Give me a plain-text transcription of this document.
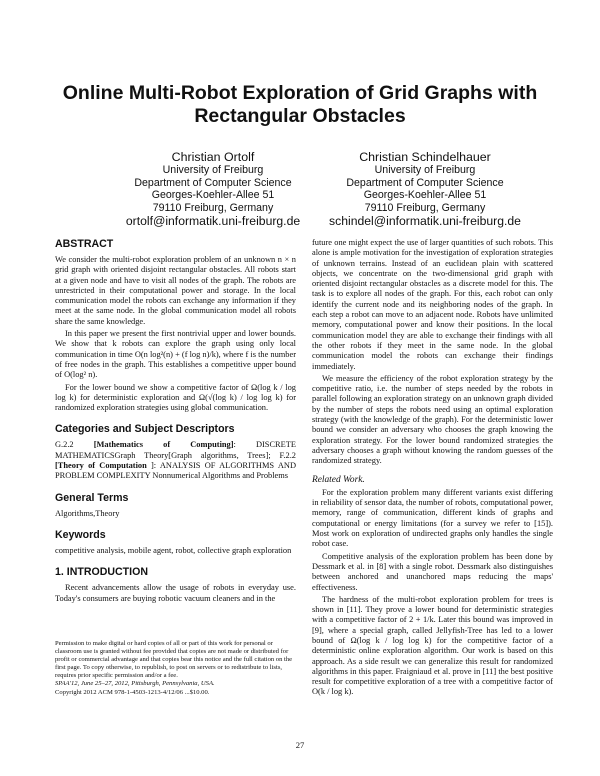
Online Multi-Robot Exploration of Grid Graphs with
Rectangular Obstacles
Christian Ortolf
University of Freiburg
Department of Computer Science
Georges-Koehler-Allee 51
79110 Freiburg, Germany
ortolf@informatik.uni-freiburg.de
Christian Schindelhauer
University of Freiburg
Department of Computer Science
Georges-Koehler-Allee 51
79110 Freiburg, Germany
schindel@informatik.uni-freiburg.de
ABSTRACT

We consider the multi-robot exploration problem of an unknown n × n grid graph with oriented disjoint rectangular obstacles. All robots start at a given node and have to visit all nodes of the graph. The robots are unrestricted in their computational power and storage. In the local communication model the robots can exchange any information if they meet at the same node. In the global communication model all robots share the same knowledge.

In this paper we present the first nontrivial upper and lower bounds. We show that k robots can explore the graph using only local communication in time O(n log²(n) + (f log n)/k), where f is the number of free nodes in the graph. This establishes a competitive upper bound of O(log² n).

For the lower bound we show a competitive factor of Ω(log k / log log k) for deterministic exploration and Ω(√(log k) / log log k) for randomized exploration strategies using global communication.

Categories and Subject Descriptors

G.2.2 [Mathematics of Computing]: DISCRETE MATHEMATICSGraph Theory[Graph algorithms, Trees]; F.2.2 [Theory of Computation ]: ANALYSIS OF ALGORITHMS AND PROBLEM COMPLEXITY Nonnumerical Algorithms and Problems

General Terms

Algorithms,Theory

Keywords

competitive analysis, mobile agent, robot, collective graph exploration

1. INTRODUCTION

Recent advancements allow the usage of robots in everyday use. Today's consumers are buying robotic vacuum cleaners and in the

Permission to make digital or hard copies of all or part of this work for personal or classroom use is granted without fee provided that copies are not made or distributed for profit or commercial advantage and that copies bear this notice and the full citation on the first page. To copy otherwise, to republish, to post on servers or to redistribute to lists, requires prior specific permission and/or a fee.
SPAA'12, June 25–27, 2012, Pittsburgh, Pennsylvania, USA.
Copyright 2012 ACM 978-1-4503-1213-4/12/06 ...$10.00.

future one might expect the use of larger quantities of such robots. This alone is ample motivation for the investigation of exploration strategies of unknown terrains. Instead of an euclidean plain with scattered objects, we concentrate on the two-dimensional grid graph with oriented disjoint rectangular obstacles as a discrete model for this. The task is to explore all nodes of the graph. For this, each robot can only identify the current node and its neighboring nodes of the graph. In each step a robot can move to an adjacent node. Robots have unlimited memory, computational power and know their positions. In the local communication model they are able to exchange their findings with all the other robots if they meet in the same node. In the global communication model the robots can exchange their findings immediately.

We measure the efficiency of the robot exploration strategy by the competitive ratio, i.e. the number of steps needed by the robots in parallel following an exploration strategy on an unknown graph divided by the number of steps the robots need using an optimal exploration strategy (with the knowledge of the graph). For the deterministic lower bound we consider an adversary who chooses the graph knowing the exploration strategy. For the lower bound randomized strategies the adversary chooses a graph without knowing the random guesses of the randomized strategy.

Related Work.

For the exploration problem many different variants exist differing in reliability of sensor data, the number of robots, computational power, memory, range of communication, different kinds of graphs and computational or energy limitations (for a survey we refer to [15]). Most work on exploration of undirected graphs only handles the single robot case.

Competitive analysis of the exploration problem has been done by Dessmark et al. in [8] with a single robot. Dessmark also distinguishes between anchored and unanchored maps reducing the maps' effectiveness.

The hardness of the multi-robot exploration problem for trees is shown in [11]. They prove a lower bound for deterministic strategies with a competitive factor of 2 + 1/k. Later this bound was improved in [9], where a special graph, called Jellyfish-Tree has led to a lower bound of Ω(log k / log log k) for the competitive factor of a deterministic online exploration algorithm. Our work is based on this approach. As a side result we can generalize this result for randomized algorithms in this paper. Fraigniaud et al. prove in [11] the best positive result for competitive exploration of a tree with a competitive factor of O(k / log k).

27
